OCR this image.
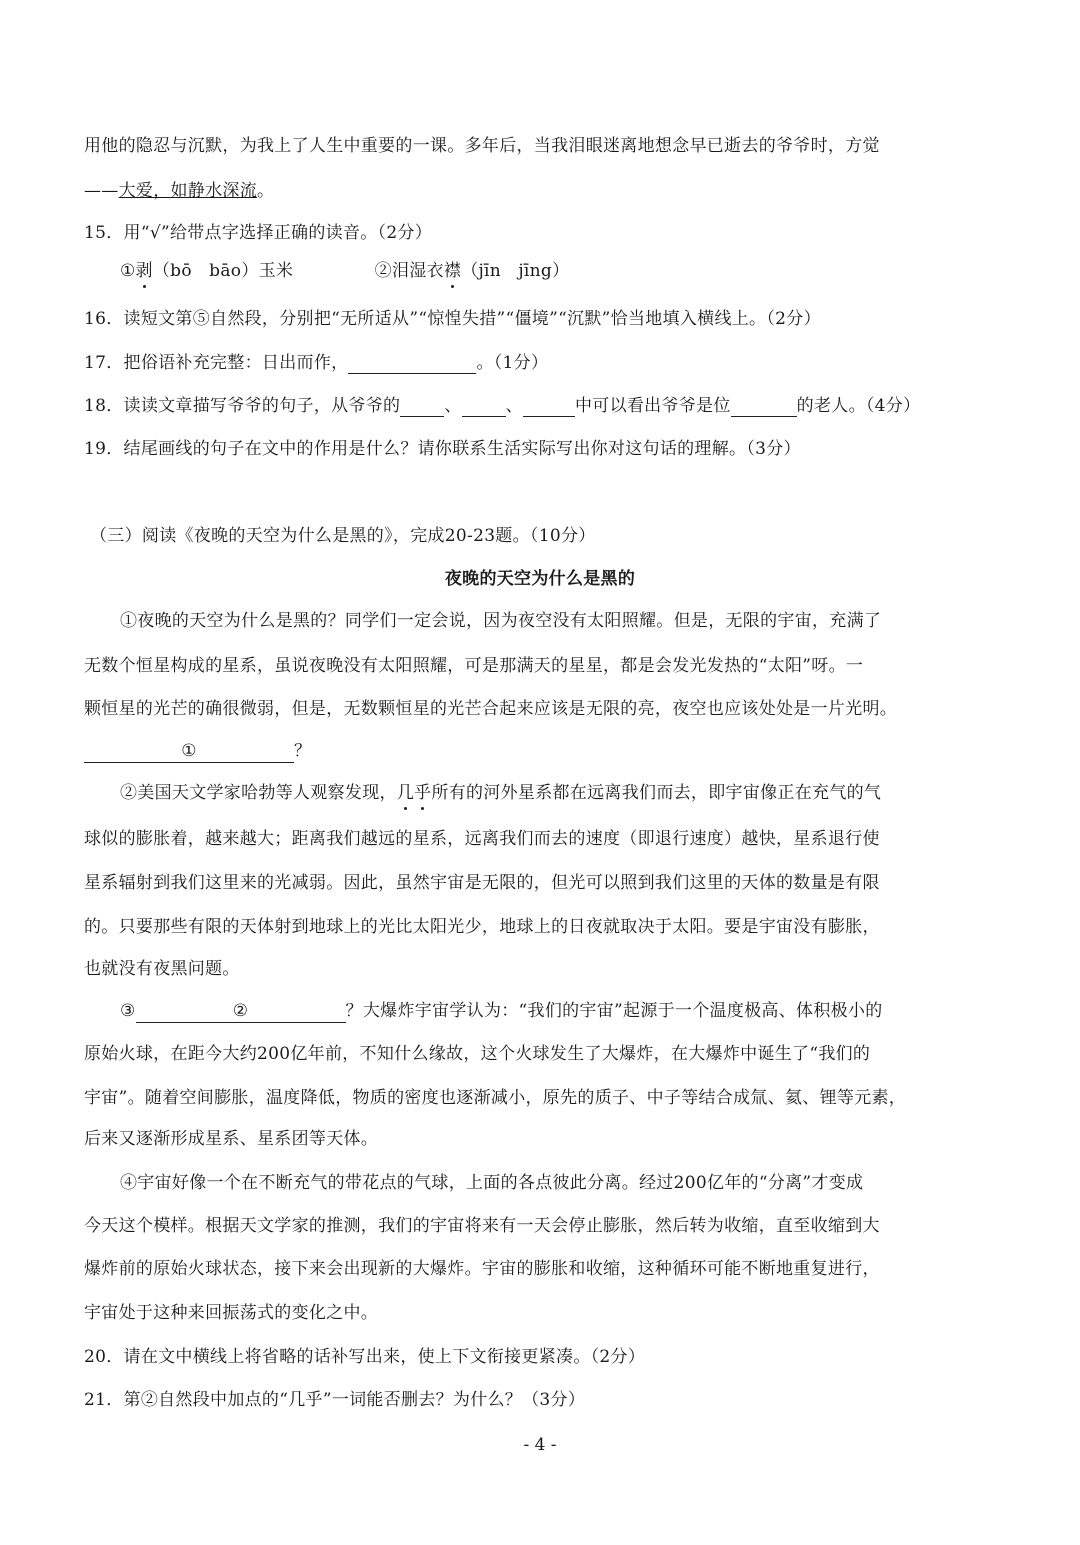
用他的隐忍与沉默，为我上了人生中重要的一课。多年后，当我泪眼迷离地想念早已逝去的爷爷时，方觉
——大爱，如静水深流。
15．用“√”给带点字选择正确的读音。（2分）
①剥（bō　bāo）玉米	②泪湿衣襟（jīn　jīng）
16．读短文第⑤自然段，分别把“无所适从”“惊惶失措”“僵境”“沉默”恰当地填入横线上。（2分）
17．把俗语补充完整：日出而作，	。（1分）
18．读读文章描写爷爷的句子，从爷爷的	、	、	中可以看出爷爷是位	的老人。（4分）
19．结尾画线的句子在文中的作用是什么？请你联系生活实际写出你对这句话的理解。（3分）
（三）阅读《夜晚的天空为什么是黑的》，完成20-23题。（10分）
夜晚的天空为什么是黑的
①夜晚的天空为什么是黑的？同学们一定会说，因为夜空没有太阳照耀。但是，无限的宇宙，充满了
无数个恒星构成的星系，虽说夜晚没有太阳照耀，可是那满天的星星，都是会发光发热的“太阳”呀。一
颗恒星的光芒的确很微弱，但是，无数颗恒星的光芒合起来应该是无限的亮，夜空也应该处处是一片光明。
①	？
②美国天文学家哈勃等人观察发现，几乎所有的河外星系都在远离我们而去，即宇宙像正在充气的气
球似的膨胀着，越来越大；距离我们越远的星系，远离我们而去的速度（即退行速度）越快，星系退行使
星系辐射到我们这里来的光减弱。因此，虽然宇宙是无限的，但光可以照到我们这里的天体的数量是有限
的。只要那些有限的天体射到地球上的光比太阳光少，地球上的日夜就取决于太阳。要是宇宙没有膨胀，
也就没有夜黑问题。
③	②	？大爆炸宇宙学认为：“我们的宇宙”起源于一个温度极高、体积极小的
原始火球，在距今大约200亿年前，不知什么缘故，这个火球发生了大爆炸，在大爆炸中诞生了“我们的
宇宙”。随着空间膨胀，温度降低，物质的密度也逐渐减小，原先的质子、中子等结合成氚、氦、锂等元素，
后来又逐渐形成星系、星系团等天体。
④宇宙好像一个在不断充气的带花点的气球，上面的各点彼此分离。经过200亿年的“分离”才变成
今天这个模样。根据天文学家的推测，我们的宇宙将来有一天会停止膨胀，然后转为收缩，直至收缩到大
爆炸前的原始火球状态，接下来会出现新的大爆炸。宇宙的膨胀和收缩，这种循环可能不断地重复进行，
宇宙处于这种来回振荡式的变化之中。
20．请在文中横线上将省略的话补写出来，使上下文衔接更紧凑。（2分）
21．第②自然段中加点的“几乎”一词能否删去？为什么？（3分）
- 4 -
